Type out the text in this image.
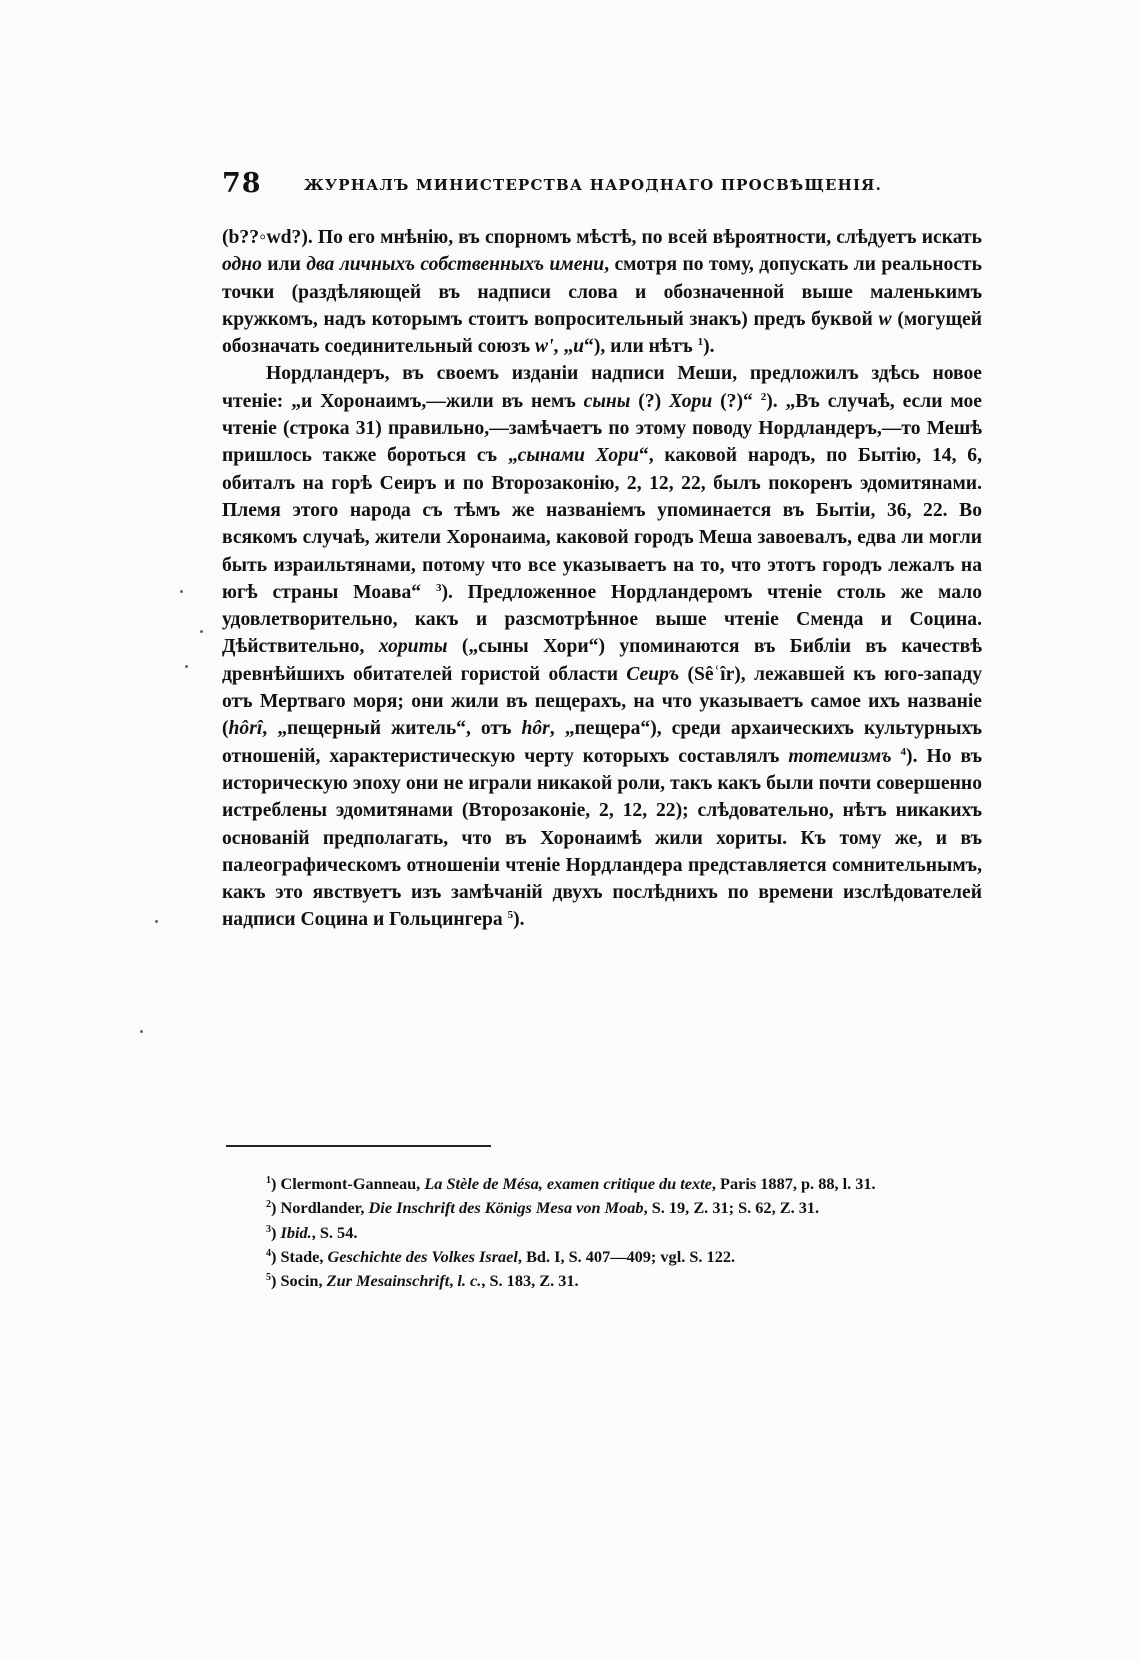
78	ЖУРНАЛЪ МИНИСТЕРСТВА НАРОДНАГО ПРОСВѢЩЕНІЯ.

(b??◦wd?). По его мнѣнію, въ спорномъ мѣстѣ, по всей вѣроятности, слѣдуетъ искать одно или два личныхъ собственныхъ имени, смотря по тому, допускать ли реальность точки (раздѣляющей въ надписи слова и обозначенной выше маленькимъ кружкомъ, надъ которымъ стоитъ вопросительный знакъ) предъ буквой w (могущей обозначать соединительный союзъ w', „и“), или нѣтъ $^1$).

Нордландеръ, въ своемъ изданіи надписи Меши, предложилъ здѣсь новое чтеніе: „и Хоронаимъ,—жили въ немъ сыны (?) Хори (?)“ $^2$). „Въ случаѣ, если мое чтеніе (строка 31) правильно,—замѣчаетъ по этому поводу Нордландеръ,—то Мешѣ пришлось также бороться съ „сынами Хори“, каковой народъ, по Бытію, 14, 6, обиталъ на горѣ Сеиръ и по Второзаконію, 2, 12, 22, былъ покоренъ эдомитянами. Племя этого народа съ тѣмъ же названіемъ упоминается въ Бытіи, 36, 22. Во всякомъ случаѣ, жители Хоронаима, каковой городъ Меша завоевалъ, едва ли могли быть израильтянами, потому что все указываетъ на то, что этотъ городъ лежалъ на югѣ страны Моава“ $^3$). Предложенное Нордландеромъ чтеніе столь же мало удовлетворительно, какъ и разсмотрѣнное выше чтеніе Сменда и Социна. Дѣйствительно, хориты („сыны Хори“) упоминаются въ Библіи въ качествѣ древнѣйшихъ обитателей гористой области Сеиръ (Sêʿîr), лежавшей къ юго-западу отъ Мертваго моря; они жили въ пещерахъ, на что указываетъ самое ихъ названіе (hôrî, „пещерный житель“, отъ hôr, „пещера“), среди архаическихъ культурныхъ отношеній, характеристическую черту которыхъ составлялъ тотемизмъ $^4$). Но въ историческую эпоху они не играли никакой роли, такъ какъ были почти совершенно истреблены эдомитянами (Второзаконіе, 2, 12, 22); слѣдовательно, нѣтъ никакихъ основаній предполагать, что въ Хоронаимѣ жили хориты. Къ тому же, и въ палеографическомъ отношеніи чтеніе Нордландера представляется сомнительнымъ, какъ это явствуетъ изъ замѣчаній двухъ послѣднихъ по времени изслѣдователей надписи Социна и Гольцингера $^5$).

$^1$) Clermont-Ganneau, La Stèle de Mésa, examen critique du texte, Paris 1887, p. 88, l. 31.

$^2$) Nordlander, Die Inschrift des Königs Mesa von Moab, S. 19, Z. 31; S. 62, Z. 31.

$^3$) Ibid., S. 54.

$^4$) Stade, Geschichte des Volkes Israel, Bd. I, S. 407—409; vgl. S. 122.

$^5$) Socin, Zur Mesainschrift, l. c., S. 183, Z. 31.
